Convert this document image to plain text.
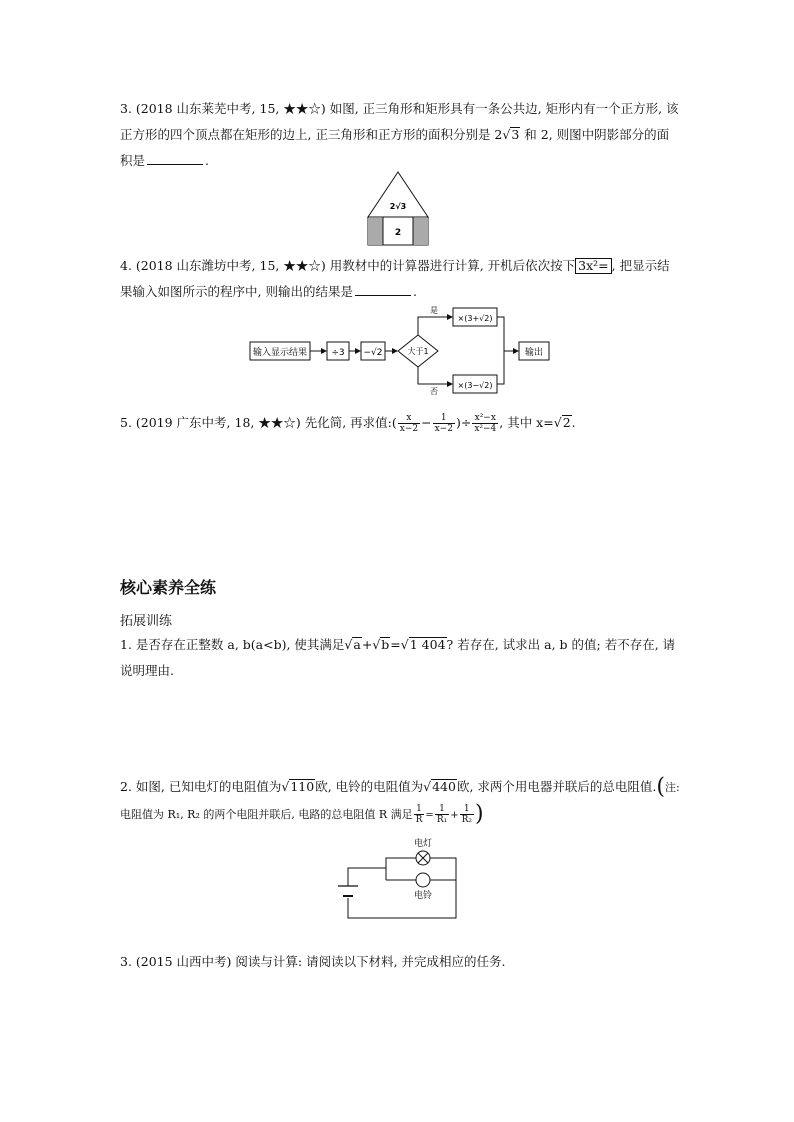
3. (2018 山东莱芜中考, 15, ★★☆) 如图, 正三角形和矩形具有一条公共边, 矩形内有一个正方形, 该正方形的四个顶点都在矩形的边上, 正三角形和正方形的面积分别是 2√3 和 2, 则图中阴影部分的面积是	.
2√3
2
4. (2018 山东潍坊中考, 15, ★★☆) 用教材中的计算器进行计算, 开机后依次按下 3x²= , 把显示结果输入如图所示的程序中, 则输出的结果是	.
输入显示结果	÷3 −√2	大于1
是
否
×(3+√2)
×(3−√2)
输出
5. (2019 广东中考, 18, ★★☆) 先化简, 再求值:( $\frac{x}{x-2} - \frac{1}{x-2}$ )÷ $\frac{\text{x²−x}}{\text{x²−4}}$ , 其中 x=√2.
核心素养全练
拓展训练
1. 是否存在正整数 a, b(a<b), 使其满足√a+√b=√1 404? 若存在, 试求出 a, b 的值; 若不存在, 请说明理由.
2. 如图, 已知电灯的电阻值为√110欧, 电铃的电阻值为√440欧, 求两个用电器并联后的总电阻值.(注: 电阻值为 R₁, R₂ 的两个电阻并联后, 电路的总电阻值 R 满足 $\frac{1}{R} = \frac{1}{\text{R₁}} + \frac{1}{\text{R₂}}$ )
电灯
电铃
3. (2015 山西中考) 阅读与计算: 请阅读以下材料, 并完成相应的任务.
